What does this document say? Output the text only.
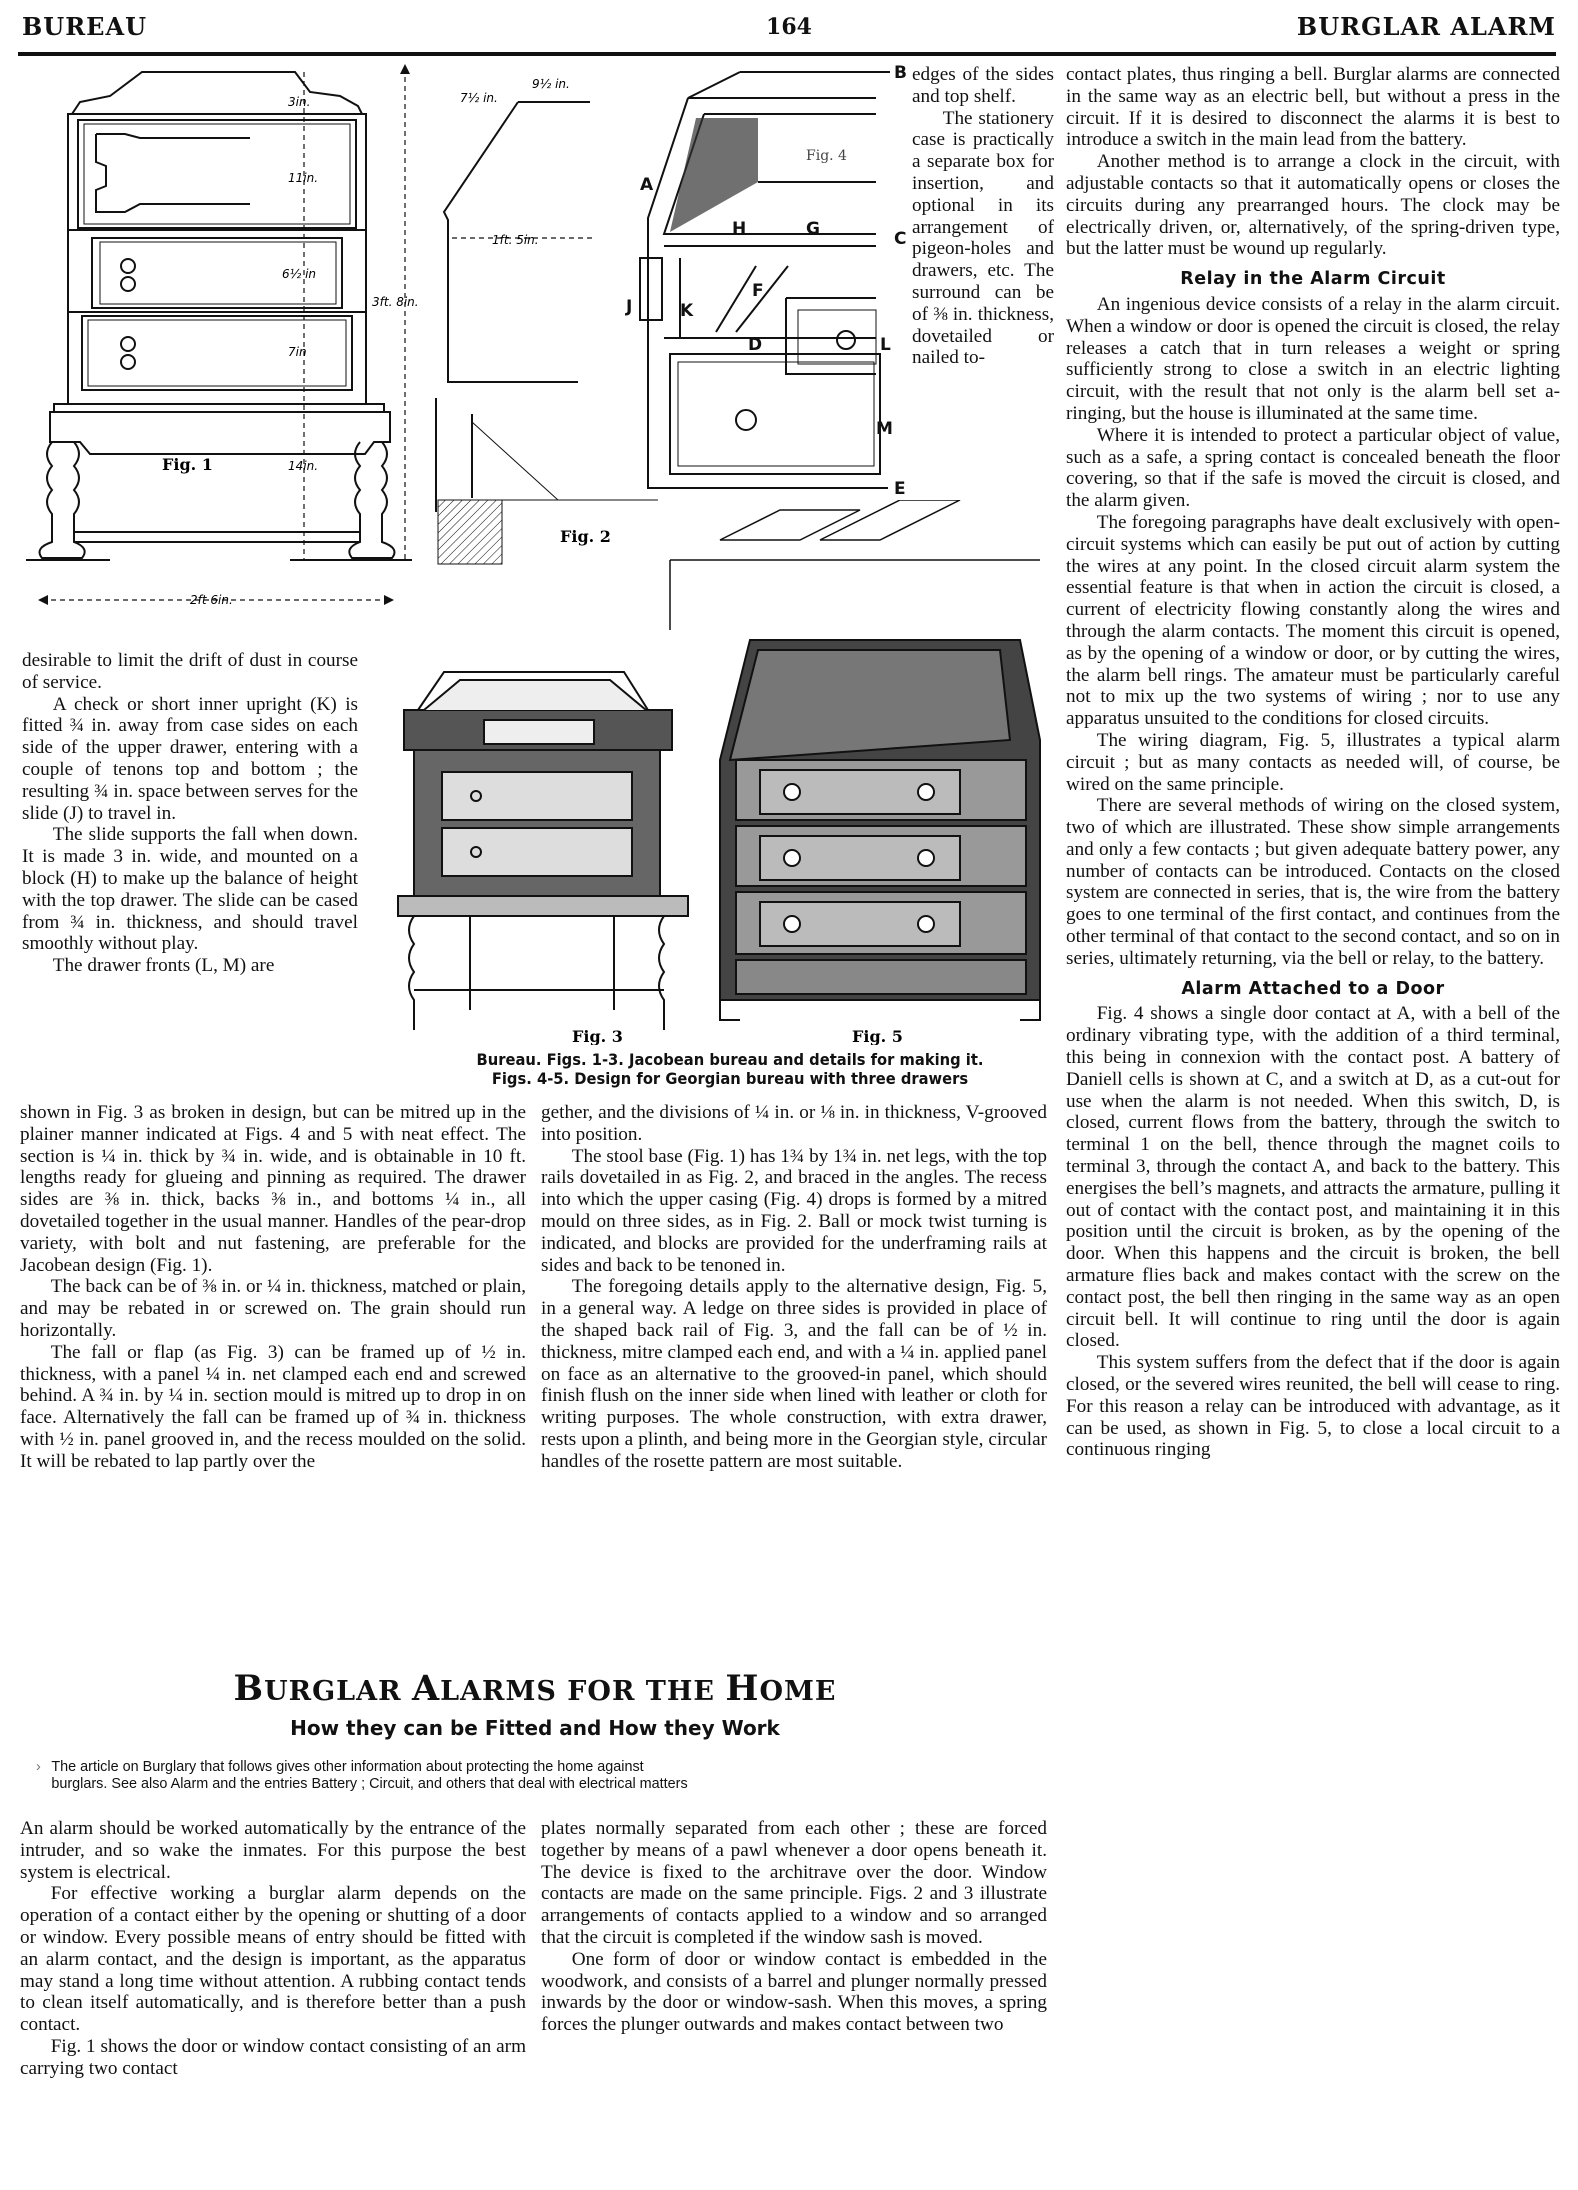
BUREAU	164	BURGLAR ALARM
3in.
11in.
6½ in
7in
14in.
3ft. 8in.
2ft 6in.
Fig. 1
7½ in.
9½ in.
1ft. 5in.
Fig. 2
A
B
C
D
E
F
G
H
J	K
L
M
Fig. 4

edges of the sides and top shelf.

The stationery case is practically a separate box for insertion, and optional in its arrangement of pigeon-holes and drawers, etc. The surround can be of ⅜ in. thickness, dovetailed or nailed to-

Fig. 3	Fig. 5
Bureau. Figs. 1-3. Jacobean bureau and details for making it.
Figs. 4-5. Design for Georgian bureau with three drawers

desirable to limit the drift of dust in course of service.

A check or short inner upright (K) is fitted ¾ in. away from case sides on each side of the upper drawer, entering with a couple of tenons top and bottom ; the resulting ¾ in. space between serves for the slide (J) to travel in.

The slide supports the fall when down. It is made 3 in. wide, and mounted on a block (H) to make up the balance of height with the top drawer. The slide can be cased from ¾ in. thickness, and should travel smoothly without play.

The drawer fronts (L, M) are

shown in Fig. 3 as broken in design, but can be mitred up in the plainer manner indicated at Figs. 4 and 5 with neat effect. The section is ¼ in. thick by ¾ in. wide, and is obtainable in 10 ft. lengths ready for glueing and pinning as required. The drawer sides are ⅜ in. thick, backs ⅜ in., and bottoms ¼ in., all dovetailed together in the usual manner. Handles of the pear-drop variety, with bolt and nut fastening, are preferable for the Jacobean design (Fig. 1).

The back can be of ⅜ in. or ¼ in. thickness, matched or plain, and may be rebated in or screwed on. The grain should run horizontally.

The fall or flap (as Fig. 3) can be framed up of ½ in. thickness, with a panel ¼ in. net clamped each end and screwed behind. A ¾ in. by ¼ in. section mould is mitred up to drop in on face. Alternatively the fall can be framed up of ¾ in. thickness with ½ in. panel grooved in, and the recess moulded on the solid. It will be rebated to lap partly over the

gether, and the divisions of ¼ in. or ⅛ in. in thickness, V-grooved into position.

The stool base (Fig. 1) has 1¾ by 1¾ in. net legs, with the top rails dovetailed in as Fig. 2, and braced in the angles. The recess into which the upper casing (Fig. 4) drops is formed by a mitred mould on three sides, as in Fig. 2. Ball or mock twist turning is indicated, and blocks are provided for the underframing rails at sides and back to be tenoned in.

The foregoing details apply to the alternative design, Fig. 5, in a general way. A ledge on three sides is provided in place of the shaped back rail of Fig. 3, and the fall can be of ½ in. thickness, mitre clamped each end, and with a ¼ in. applied panel on face as an alternative to the grooved-in panel, which should finish flush on the inner side when lined with leather or cloth for writing purposes. The whole construction, with extra drawer, rests upon a plinth, and being more in the Georgian style, circular handles of the rosette pattern are most suitable.

contact plates, thus ringing a bell. Burglar alarms are connected in the same way as an electric bell, but without a press in the circuit. If it is desired to disconnect the alarms it is best to introduce a switch in the main lead from the battery.

Another method is to arrange a clock in the circuit, with adjustable contacts so that it automatically opens or closes the circuits during any prearranged hours. The clock may be electrically driven, or, alternatively, of the spring-driven type, but the latter must be wound up regularly.

Relay in the Alarm Circuit

An ingenious device consists of a relay in the alarm circuit. When a window or door is opened the circuit is closed, the relay releases a catch that in turn releases a weight or spring sufficiently strong to close a switch in an electric lighting circuit, with the result that not only is the alarm bell set a-ringing, but the house is illuminated at the same time.

Where it is intended to protect a particular object of value, such as a safe, a spring contact is concealed beneath the floor covering, so that if the safe is moved the circuit is closed, and the alarm given.

The foregoing paragraphs have dealt exclusively with open-circuit systems which can easily be put out of action by cutting the wires at any point. In the closed circuit alarm system the essential feature is that when in action the circuit is closed, a current of electricity flowing constantly along the wires and through the alarm contacts. The moment this circuit is opened, as by the opening of a window or door, or by cutting the wires, the alarm bell rings. The amateur must be particularly careful not to mix up the two systems of wiring ; nor to use any apparatus unsuited to the conditions for closed circuits.

The wiring diagram, Fig. 5, illustrates a typical alarm circuit ; but as many contacts as needed will, of course, be wired on the same principle.

There are several methods of wiring on the closed system, two of which are illustrated. These show simple arrangements and only a few contacts ; but given adequate battery power, any number of contacts can be introduced. Contacts on the closed system are connected in series, that is, the wire from the battery goes to one terminal of the first contact, and continues from the other terminal of that contact to the second contact, and so on in series, ultimately returning, via the bell or relay, to the battery.

Alarm Attached to a Door

Fig. 4 shows a single door contact at A, with a bell of the ordinary vibrating type, with the addition of a third terminal, this being in connexion with the contact post. A battery of Daniell cells is shown at C, and a switch at D, as a cut-out for use when the alarm is not needed. When this switch, D, is closed, current flows from the battery, through the switch to terminal 1 on the bell, thence through the magnet coils to terminal 3, through the contact A, and back to the battery. This energises the bell’s magnets, and attracts the armature, pulling it out of contact with the contact post, and maintaining it in this position until the circuit is broken, as by the opening of the door. When this happens and the circuit is broken, the bell armature flies back and makes contact with the screw on the contact post, the bell then ringing in the same way as an open circuit bell. It will continue to ring until the door is again closed.

This system suffers from the defect that if the door is again closed, or the severed wires reunited, the bell will cease to ring. For this reason a relay can be introduced with advantage, as it can be used, as shown in Fig. 5, to close a local circuit to a continuous ringing

BURGLAR ALARMS FOR THE HOME
How they can be Fitted and How they Work
› The article on Burglary that follows gives other information about protecting the home against
burglars. See also Alarm and the entries Battery ; Circuit, and others that deal with electrical matters

An alarm should be worked automatically by the entrance of the intruder, and so wake the inmates. For this purpose the best system is electrical.

For effective working a burglar alarm depends on the operation of a contact either by the opening or shutting of a door or window. Every possible means of entry should be fitted with an alarm contact, and the design is important, as the apparatus may stand a long time without attention. A rubbing contact tends to clean itself automatically, and is therefore better than a push contact.

Fig. 1 shows the door or window contact consisting of an arm carrying two contact

plates normally separated from each other ; these are forced together by means of a pawl whenever a door opens beneath it. The device is fixed to the architrave over the door. Window contacts are made on the same principle. Figs. 2 and 3 illustrate arrangements of contacts applied to a window and so arranged that the circuit is completed if the window sash is moved.

One form of door or window contact is embedded in the woodwork, and consists of a barrel and plunger normally pressed inwards by the door or window-sash. When this moves, a spring forces the plunger outwards and makes contact between two
